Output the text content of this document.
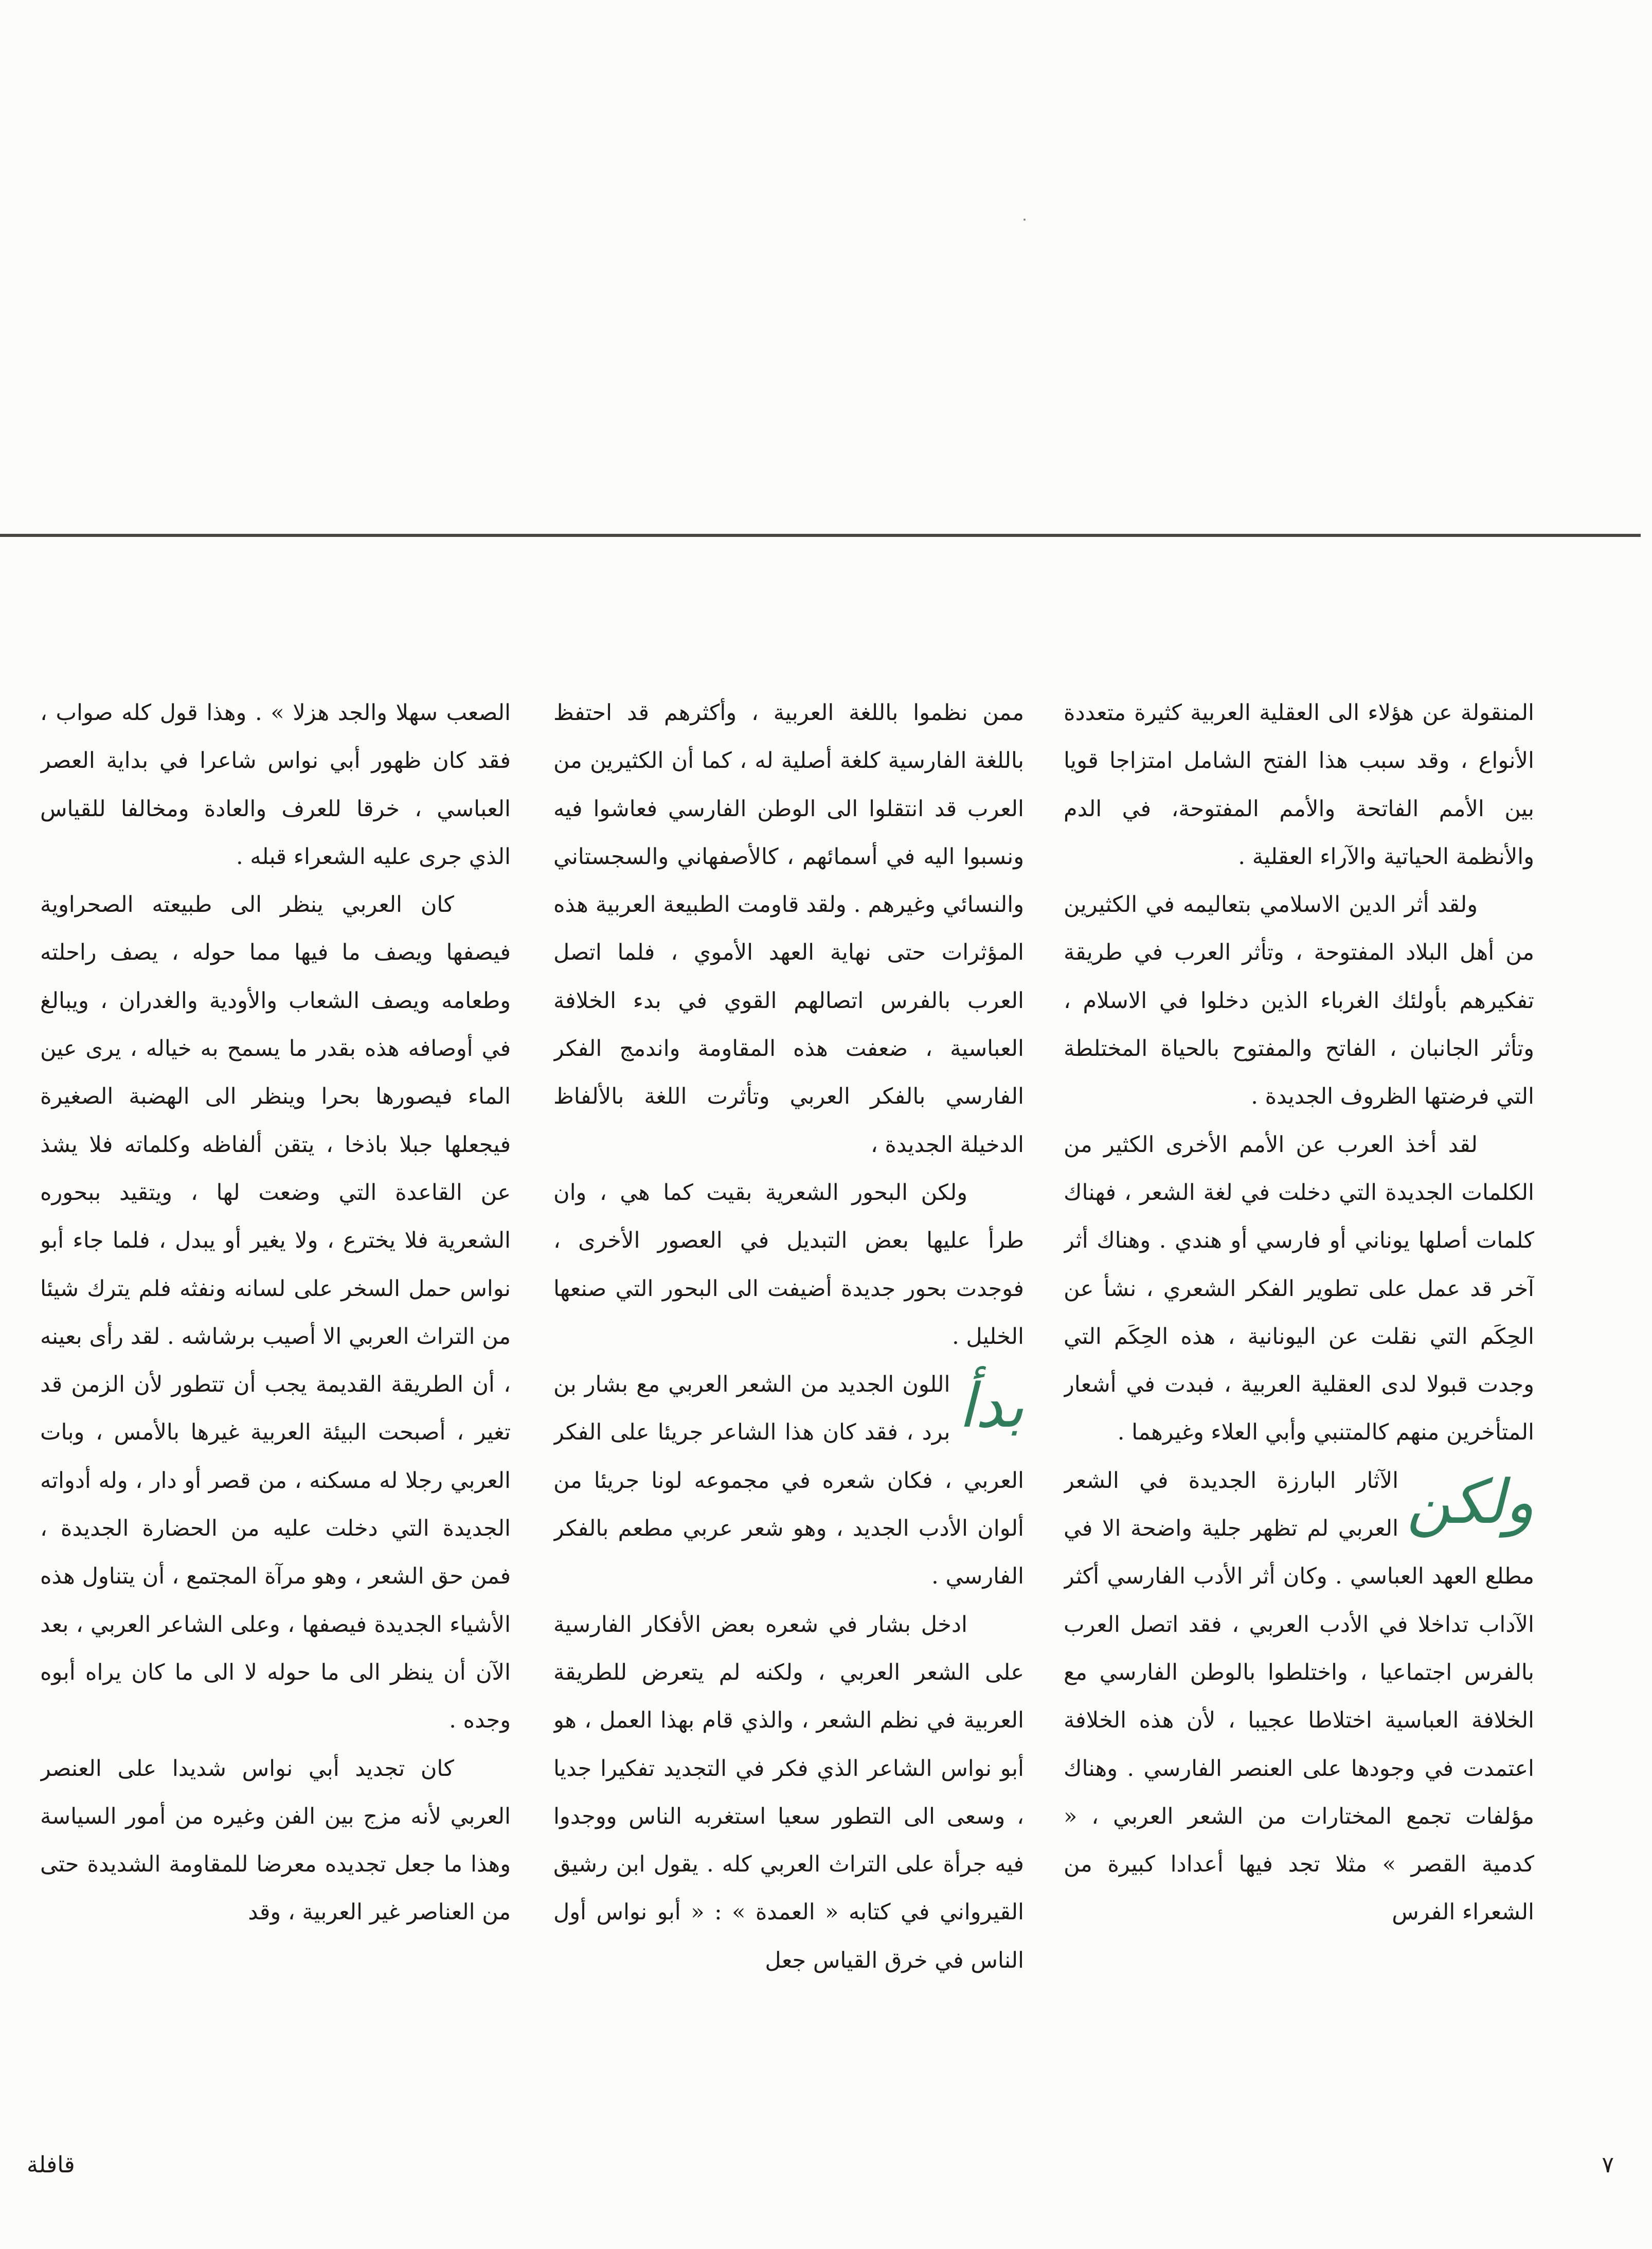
المنقولة عن هؤلاء الى العقلية العربية كثيرة متعددة الأنواع ، وقد سبب هذا الفتح الشامل امتزاجا قويا بين الأمم الفاتحة والأمم المفتوحة، في الدم والأنظمة الحياتية والآراء العقلية .

ولقد أثر الدين الاسلامي بتعاليمه في الكثيرين من أهل البلاد المفتوحة ، وتأثر العرب في طريقة تفكيرهم بأولئك الغرباء الذين دخلوا في الاسلام ، وتأثر الجانبان ، الفاتح والمفتوح بالحياة المختلطة التي فرضتها الظروف الجديدة .

لقد أخذ العرب عن الأمم الأخرى الكثير من الكلمات الجديدة التي دخلت في لغة الشعر ، فهناك كلمات أصلها يوناني أو فارسي أو هندي . وهناك أثر آخر قد عمل على تطوير الفكر الشعري ، نشأ عن الحِكَم التي نقلت عن اليونانية ، هذه الحِكَم التي وجدت قبولا لدى العقلية العربية ، فبدت في أشعار المتأخرين منهم كالمتنبي وأبي العلاء وغيرهما .

ولكن
الآثار البارزة الجديدة في الشعر العربي لم تظهر جلية واضحة الا في مطلع العهد العباسي . وكان أثر الأدب الفارسي أكثر الآداب تداخلا في الأدب العربي ، فقد اتصل العرب بالفرس اجتماعيا ، واختلطوا بالوطن الفارسي مع الخلافة العباسية اختلاطا عجيبا ، لأن هذه الخلافة اعتمدت في وجودها على العنصر الفارسي . وهناك مؤلفات تجمع المختارات من الشعر العربي ، « كدمية القصر » مثلا تجد فيها أعدادا كبيرة من الشعراء الفرس

ممن نظموا باللغة العربية ، وأكثرهم قد احتفظ باللغة الفارسية كلغة أصلية له ، كما أن الكثيرين من العرب قد انتقلوا الى الوطن الفارسي فعاشوا فيه ونسبوا اليه في أسمائهم ، كالأصفهاني والسجستاني والنسائي وغيرهم . ولقد قاومت الطبيعة العربية هذه المؤثرات حتى نهاية العهد الأموي ، فلما اتصل العرب بالفرس اتصالهم القوي في بدء الخلافة العباسية ، ضعفت هذه المقاومة واندمج الفكر الفارسي بالفكر العربي وتأثرت اللغة بالألفاظ الدخيلة الجديدة ،

ولكن البحور الشعرية بقيت كما هي ، وان طرأ عليها بعض التبديل في العصور الأخرى ، فوجدت بحور جديدة أضيفت الى البحور التي صنعها الخليل .

بدأ
اللون الجديد من الشعر العربي مع بشار بن برد ، فقد كان هذا الشاعر جريئا على الفكر العربي ، فكان شعره في مجموعه لونا جريئا من ألوان الأدب الجديد ، وهو شعر عربي مطعم بالفكر الفارسي .

ادخل بشار في شعره بعض الأفكار الفارسية على الشعر العربي ، ولكنه لم يتعرض للطريقة العربية في نظم الشعر ، والذي قام بهذا العمل ، هو أبو نواس الشاعر الذي فكر في التجديد تفكيرا جديا ، وسعى الى التطور سعيا استغربه الناس ووجدوا فيه جرأة على التراث العربي كله . يقول ابن رشيق القيرواني في كتابه « العمدة » : « أبو نواس أول الناس في خرق القياس جعل

الصعب سهلا والجد هزلا » . وهذا قول كله صواب ، فقد كان ظهور أبي نواس شاعرا في بداية العصر العباسي ، خرقا للعرف والعادة ومخالفا للقياس الذي جرى عليه الشعراء قبله .

كان العربي ينظر الى طبيعته الصحراوية فيصفها ويصف ما فيها مما حوله ، يصف راحلته وطعامه ويصف الشعاب والأودية والغدران ، ويبالغ في أوصافه هذه بقدر ما يسمح به خياله ، يرى عين الماء فيصورها بحرا وينظر الى الهضبة الصغيرة فيجعلها جبلا باذخا ، يتقن ألفاظه وكلماته فلا يشذ عن القاعدة التي وضعت لها ، ويتقيد ببحوره الشعرية فلا يخترع ، ولا يغير أو يبدل ، فلما جاء أبو نواس حمل السخر على لسانه ونفثه فلم يترك شيئا من التراث العربي الا أصيب برشاشه . لقد رأى بعينه ، أن الطريقة القديمة يجب أن تتطور لأن الزمن قد تغير ، أصبحت البيئة العربية غيرها بالأمس ، وبات العربي رجلا له مسكنه ، من قصر أو دار ، وله أدواته الجديدة التي دخلت عليه من الحضارة الجديدة ، فمن حق الشعر ، وهو مرآة المجتمع ، أن يتناول هذه الأشياء الجديدة فيصفها ، وعلى الشاعر العربي ، بعد الآن أن ينظر الى ما حوله لا الى ما كان يراه أبوه وجده .

كان تجديد أبي نواس شديدا على العنصر العربي لأنه مزج بين الفن وغيره من أمور السياسة وهذا ما جعل تجديده معرضا للمقاومة الشديدة حتى من العناصر غير العربية ، وقد

٧
قافلة
